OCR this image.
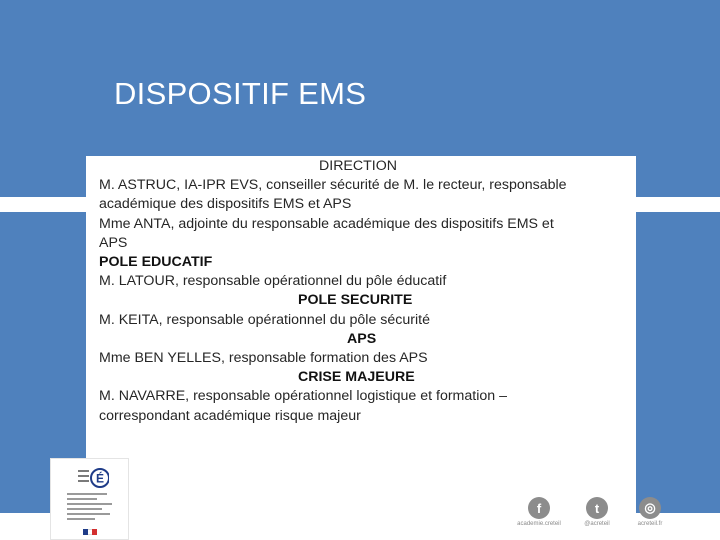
DISPOSITIF EMS
DIRECTION
M. ASTRUC, IA-IPR EVS, conseiller sécurité de M. le recteur, responsable
académique des dispositifs EMS et APS
Mme ANTA, adjointe du responsable académique des dispositifs EMS et
APS
POLE EDUCATIF
M. LATOUR, responsable opérationnel du pôle éducatif
POLE SECURITE
M. KEITA, responsable opérationnel du pôle sécurité
APS
Mme BEN YELLES, responsable formation des APS
CRISE MAJEURE
M. NAVARRE, responsable opérationnel logistique et formation –
correspondant académique risque majeur
É
f
academie.creteil
t
@acreteil
◎
acreteil.fr
